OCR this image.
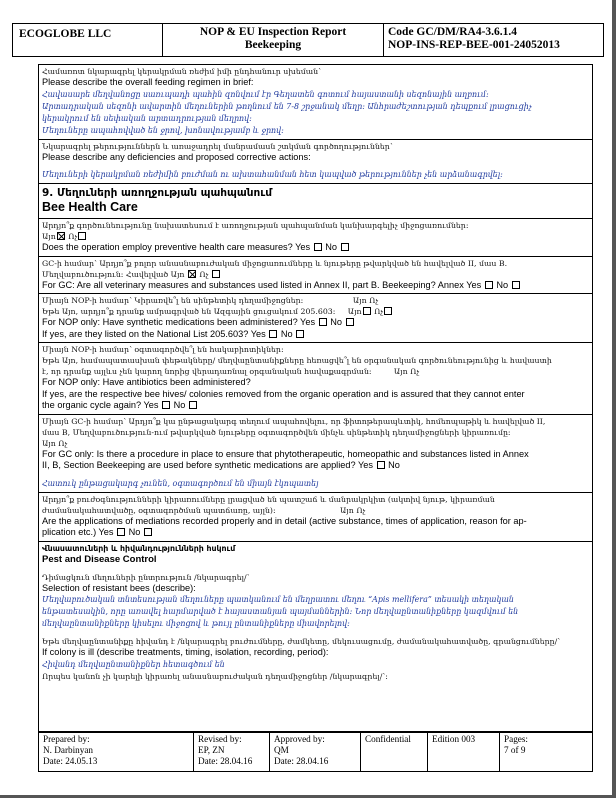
ECOGLOBE LLC	NOP & EU Inspection Report
Beekeeping
Code GC/DM/RA4-3.6.1.4
NOP-INS-REP-BEE-001-24052013
Համառոտ նկարագրել կերակրման ռեժիմ իմի ընդհանուր սխեման՝
Please describe the overall feeding regimen in brief:
Հավասարե մեղվանոցը սառւպադի պահին զոնվում էր Գեղատեն գոտում հայաստանի սեզոնային աղբում:
Արտադրական սեզոնի ավարտին մեղուներին թողնում են 7-8 շրջանակ մեղր: Անհրաժեշտության դեպքում լրացուցիչ
կերակրում են սեփական արտադրության մեղրով:
Մեղուները ապահովված են ջրով, խոնավությամբ և ջրով:
Նկարագրել թերություններն և առաջադրել մանրամասն շտկման գործողություններ՝
Please describe any deficiencies and proposed corrective actions:
Մեղուների կերակրման ռեժիմին բուժման ու ախտահանման հետ կապված թերություններ չեն արձանագրվել:
9. Մեղուների առողջության պահպանում
Bee Health Care
Արդյո՞ք գործունեությունը նախատեսում է առողջության պահպանման կանխարգելիչ միջոցառումներ:
Այո Ոչ
Does the operation employ preventive health care measures? Yes No
GC-ի համար՝ Արդյո՞ք բոլոր անասնաբուժական միջոցառումները և նյութերը թվարկված են հավելված II, մաս B.
Մեղվաբուծություն: Հավելված Այո Ոչ
For GC: Are all veterinary measures and substances used listed in Annex II, part B. Beekeeping? Annex Yes No
Միայն NOP-ի համար՝ Կիրառվե՞լ են սինթետիկ դեղամիջոցներ:	Այո Ոչ
Եթե Այո, արդյո՞ք դրանք ամրագրված են Ազգային ցուցակում 205.603: Այո Ոչ
For NOP only: Have synthetic medications been administered? Yes No
If yes, are they listed on the National List 205.603? Yes No
Միայն NOP-ի համար՝ օգտագործվե՞լ են հակաբիոտիկներ:
Եթե Այո, համապատասխան փեթակները/ մեղվաընտանիքները հեռացվե՞լ են օրգանական գործունեությունից և հավաստի
է, որ դրանք այլևս չեն կարող նորից վերադառնալ օրգանական հավաքագրման:	Այո Ոչ
For NOP only: Have antibiotics been administered?
If yes, are the respective bee hives/ colonies removed from the organic operation and is assured that they cannot enter
the organic cycle again? Yes No
Միայն GC-ի համար՝ Արդյո՞ք կա ընթացակարգ տեղում ապահովելու, որ ֆիտոթերապևտիկ, հոմեոպաթիկ և հավելված II,
մաս B, Մեղվաբուծություն-ում թվարկված նյութերը օգտագործվեն մինչև սինթետիկ դեղամիջոցների կիրառումը:
Այո Ոչ
For GC only: Is there a procedure in place to ensure that phytotherapeutic, homeopathic and substances listed in Annex
II, B, Section Beekeeping are used before synthetic medications are applied? Yes No
Հատուկ ընթացակարգ չունեն, օգտագործում են միայն էկոպատեյ
Արդյո՞ք բուժօգնությունների կիրառումները լրացված են պատշաճ և մանրակրկիտ (ակտիվ նյութ, կիրառման
ժամանակահատվածը, օգտագործման պատճառը, այլն):	Այո Ոչ
Are the applications of mediations recorded properly and in detail (active substance, times of application, reason for ap-
plication etc.) Yes No
Վնասատուների և հիվանդությունների հսկում
Pest and Disease Control
Դիմացկուն մեղուների ընտրություն /նկարագրել/՝
Selection of resistant bees (describe):
Մեղվաբուծական տնտեսության մեղուները պատկանում են մեղրատու մեղու “Apis mellifera” տեսակի տեղական
ենթատեսակին, որը առավել հարմարված է հայաստանյան պայմաններին: Նոր մեղվաընտանիքները կազմվում են
մեղվաընտանիքները կիսելու միջոցով և թույլ ընտանիքները միավորելով:
Եթե մեղվաընտանիքը հիվանդ է /նկարագրել բուժումները, ժամկետը, մեկուսացումը, ժամանակահատվածը, գրանցումները/՝
If colony is ill (describe treatments, timing, isolation, recording, period):
Հիվանդ մեղվաընտանիքներ հետագծում են
Որպես կանոն չի կարելի կիրառել անասնաբուժական դեղամիջոցներ /նկարագրել/՝:
Prepared by:
N. Darbinyan
Date: 24.05.13
Revised by:
EP, ZN
Date: 28.04.16
Approved by:
QM
Date: 28.04.16
Confidential	Edition 003	Pages:
7 of 9
